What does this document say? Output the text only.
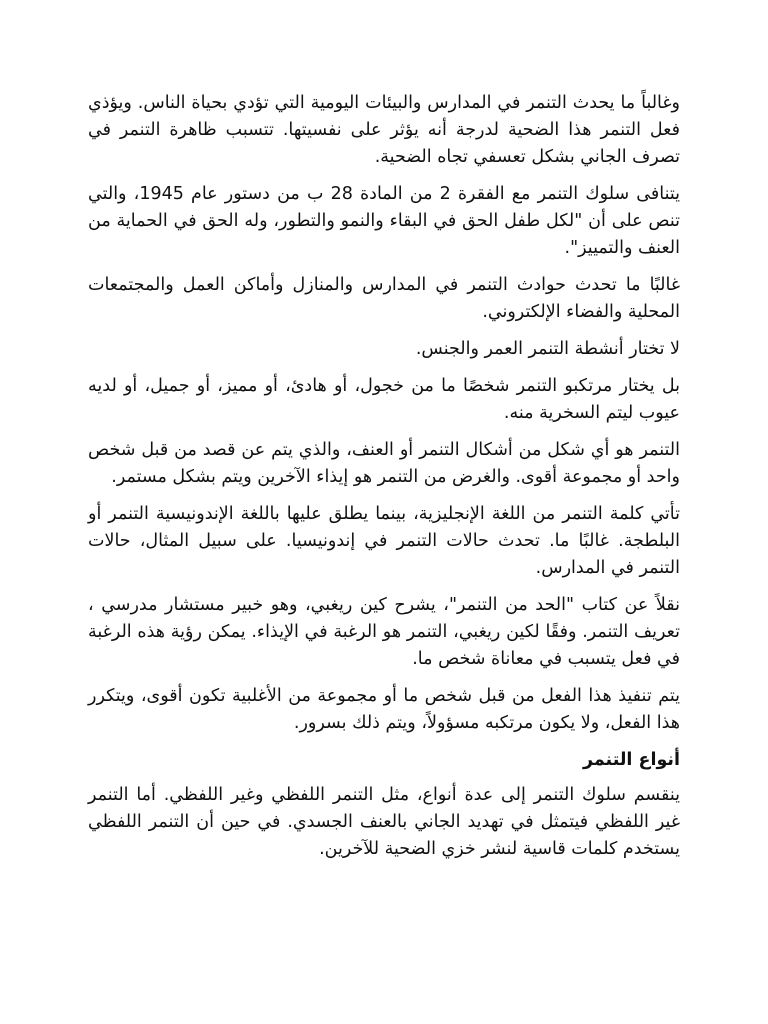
وغالباً ما يحدث التنمر في المدارس والبيئات اليومية التي تؤدي بحياة الناس. ويؤذي فعل التنمر هذا الضحية لدرجة أنه يؤثر على نفسيتها. تتسبب ظاهرة التنمر في تصرف الجاني بشكل تعسفي تجاه الضحية.

يتنافى سلوك التنمر مع الفقرة 2 من المادة 28 ب من دستور عام 1945، والتي تنص على أن "لكل طفل الحق في البقاء والنمو والتطور، وله الحق في الحماية من العنف والتمييز".

غالبًا ما تحدث حوادث التنمر في المدارس والمنازل وأماكن العمل والمجتمعات المحلية والفضاء الإلكتروني.

لا تختار أنشطة التنمر العمر والجنس.

بل يختار مرتكبو التنمر شخصًا ما من خجول، أو هادئ، أو مميز، أو جميل، أو لديه عيوب ليتم السخرية منه.

التنمر هو أي شكل من أشكال التنمر أو العنف، والذي يتم عن قصد من قبل شخص واحد أو مجموعة أقوى. والغرض من التنمر هو إيذاء الآخرين ويتم بشكل مستمر.

تأتي كلمة التنمر من اللغة الإنجليزية، بينما يطلق عليها باللغة الإندونيسية التنمر أو البلطجة. غالبًا ما. تحدث حالات التنمر في إندونيسيا. على سبيل المثال، حالات التنمر في المدارس.

نقلاً عن كتاب "الحد من التنمر"، يشرح كين ريغبي، وهو خبير مستشار مدرسي ، تعريف التنمر. وفقًا لكين ريغبي، التنمر هو الرغبة في الإيذاء. يمكن رؤية هذه الرغبة في فعل يتسبب في معاناة شخص ما.

يتم تنفيذ هذا الفعل من قبل شخص ما أو مجموعة من الأغلبية تكون أقوى، ويتكرر هذا الفعل، ولا يكون مرتكبه مسؤولاً، ويتم ذلك بسرور.

أنواع التنمر

ينقسم سلوك التنمر إلى عدة أنواع، مثل التنمر اللفظي وغير اللفظي. أما التنمر غير اللفظي فيتمثل في تهديد الجاني بالعنف الجسدي. في حين أن التنمر اللفظي يستخدم كلمات قاسية لنشر خزي الضحية للآخرين.
